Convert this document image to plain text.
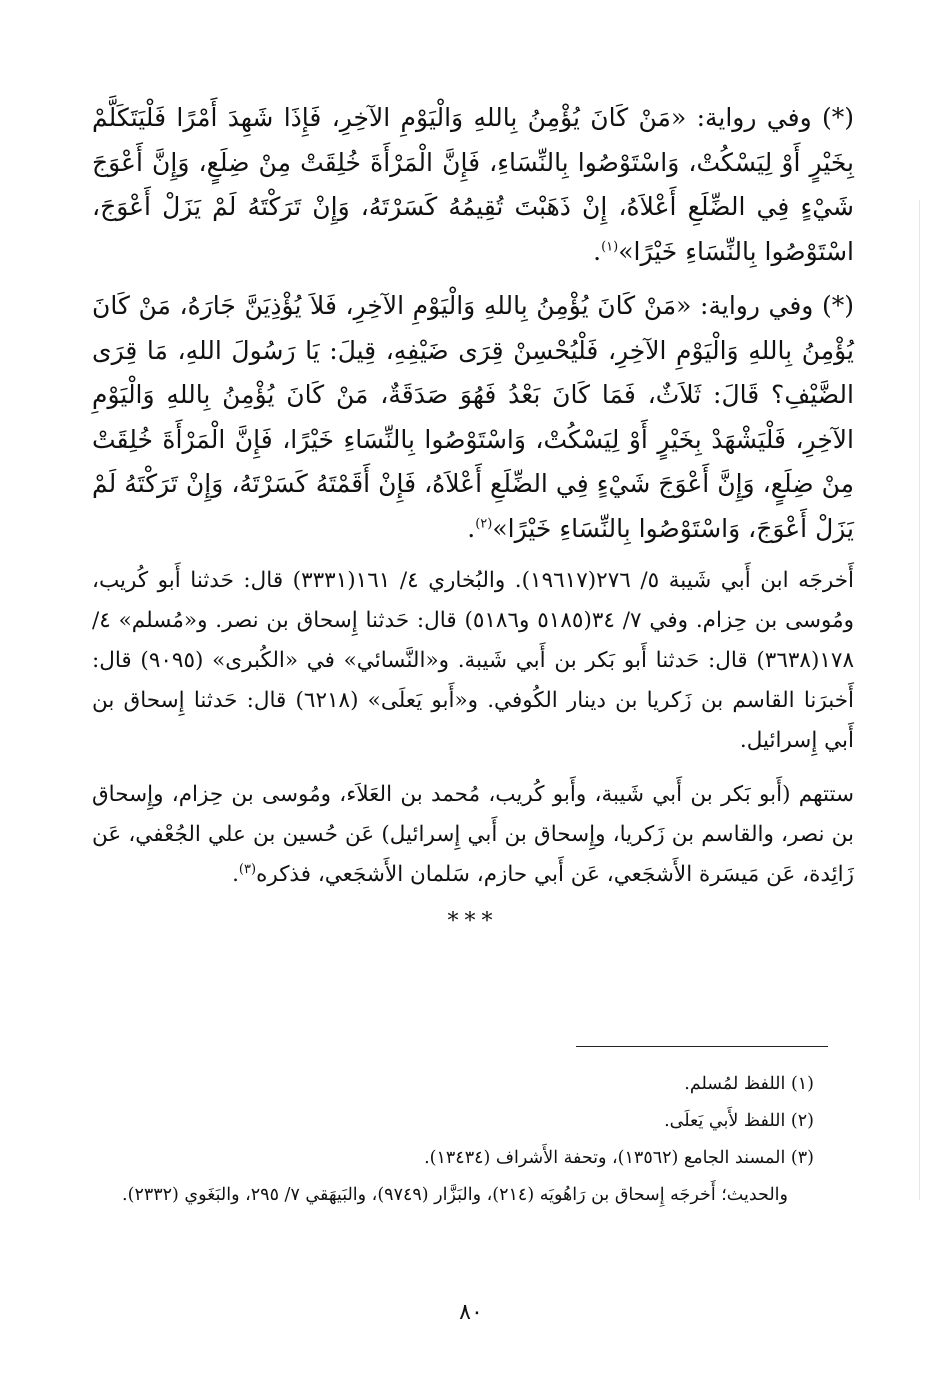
(*) وفي رواية: «مَنْ كَانَ يُؤْمِنُ بِاللهِ وَالْيَوْمِ الآخِرِ، فَإِذَا شَهِدَ أَمْرًا فَلْيَتَكَلَّمْ بِخَيْرٍ أَوْ لِيَسْكُتْ، وَاسْتَوْصُوا بِالنِّسَاءِ، فَإِنَّ الْمَرْأَةَ خُلِقَتْ مِنْ ضِلَعٍ، وَإِنَّ أَعْوَجَ شَيْءٍ فِي الضِّلَعِ أَعْلاَهُ، إِنْ ذَهَبْتَ تُقِيمُهُ كَسَرْتَهُ، وَإِنْ تَرَكْتَهُ لَمْ يَزَلْ أَعْوَجَ، اسْتَوْصُوا بِالنِّسَاءِ خَيْرًا»$^{(١)}$.

(*) وفي رواية: «مَنْ كَانَ يُؤْمِنُ بِاللهِ وَالْيَوْمِ الآخِرِ، فَلاَ يُؤْذِيَنَّ جَارَهُ، مَنْ كَانَ يُؤْمِنُ بِاللهِ وَالْيَوْمِ الآخِرِ، فَلْيُحْسِنْ قِرَى ضَيْفِهِ، قِيلَ: يَا رَسُولَ اللهِ، مَا قِرَى الضَّيْفِ؟ قَالَ: ثَلاَثٌ، فَمَا كَانَ بَعْدُ فَهُوَ صَدَقَةٌ، مَنْ كَانَ يُؤْمِنُ بِاللهِ وَالْيَوْمِ الآخِرِ، فَلْيَشْهَدْ بِخَيْرٍ أَوْ لِيَسْكُتْ، وَاسْتَوْصُوا بِالنِّسَاءِ خَيْرًا، فَإِنَّ الْمَرْأَةَ خُلِقَتْ مِنْ ضِلَعٍ، وَإِنَّ أَعْوَجَ شَيْءٍ فِي الضِّلَعِ أَعْلاَهُ، فَإِنْ أَقَمْتَهُ كَسَرْتَهُ، وَإِنْ تَرَكْتَهُ لَمْ يَزَلْ أَعْوَجَ، وَاسْتَوْصُوا بِالنِّسَاءِ خَيْرًا»$^{(٢)}$.

أَخرجَه ابن أَبي شَيبة ٥/ ٢٧٦(١٩٦١٧). والبُخاري ٤/ ١٦١(٣٣٣١) قال: حَدثنا أَبو كُريب، ومُوسى بن حِزام. وفي ٧/ ٣٤(٥١٨٥ و٥١٨٦) قال: حَدثنا إِسحاق بن نصر. و«مُسلم» ٤/ ١٧٨(٣٦٣٨) قال: حَدثنا أَبو بَكر بن أَبي شَيبة. و«النَّسائي» في «الكُبرى» (٩٠٩٥) قال: أَخبرَنا القاسم بن زَكريا بن دينار الكُوفي. و«أَبو يَعلَى» (٦٢١٨) قال: حَدثنا إِسحاق بن أَبي إِسرائيل.

ستتهم (أَبو بَكر بن أَبي شَيبة، وأَبو كُريب، مُحمد بن العَلاَء، ومُوسى بن حِزام، وإِسحاق بن نصر، والقاسم بن زَكريا، وإِسحاق بن أَبي إِسرائيل) عَن حُسين بن علي الجُعْفي، عَن زَائِدة، عَن مَيسَرة الأَشجَعي، عَن أَبي حازم، سَلمان الأَشجَعي، فذكره$^{(٣)}$.

***

(١) اللفظ لمُسلم.

(٢) اللفظ لأَبي يَعلَى.

(٣) المسند الجامع (١٣٥٦٢)، وتحفة الأَشراف (١٣٤٣٤).

والحديث؛ أَخرجَه إِسحاق بن رَاهُويَه (٢١٤)، والبَزَّار (٩٧٤٩)، والبَيهَقي ٧/ ٢٩٥، والبَغَوي (٢٣٣٢).

٨٠
